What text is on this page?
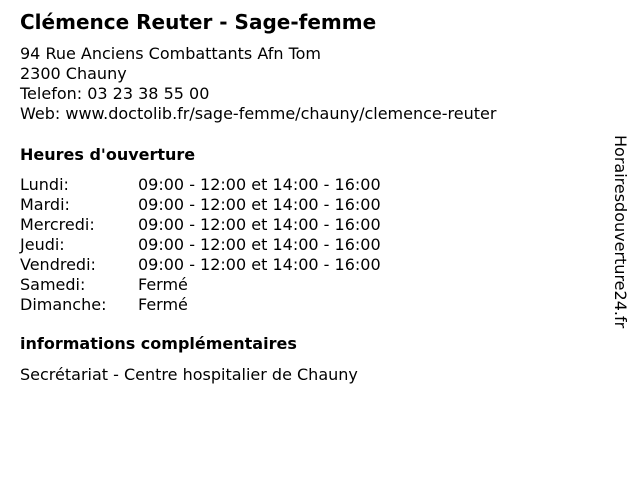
Clémence Reuter - Sage-femme
94 Rue Anciens Combattants Afn Tom
2300 Chauny
Telefon: 03 23 38 55 00
Web: www.doctolib.fr/sage-femme/chauny/clemence-reuter
Heures d'ouverture
Lundi:	09:00 - 12:00 et 14:00 - 16:00
Mardi:	09:00 - 12:00 et 14:00 - 16:00
Mercredi:	09:00 - 12:00 et 14:00 - 16:00
Jeudi:	09:00 - 12:00 et 14:00 - 16:00
Vendredi:	09:00 - 12:00 et 14:00 - 16:00
Samedi:	Fermé
Dimanche: Fermé
informations complémentaires
Secrétariat - Centre hospitalier de Chauny
Horairesdouverture24.fr
